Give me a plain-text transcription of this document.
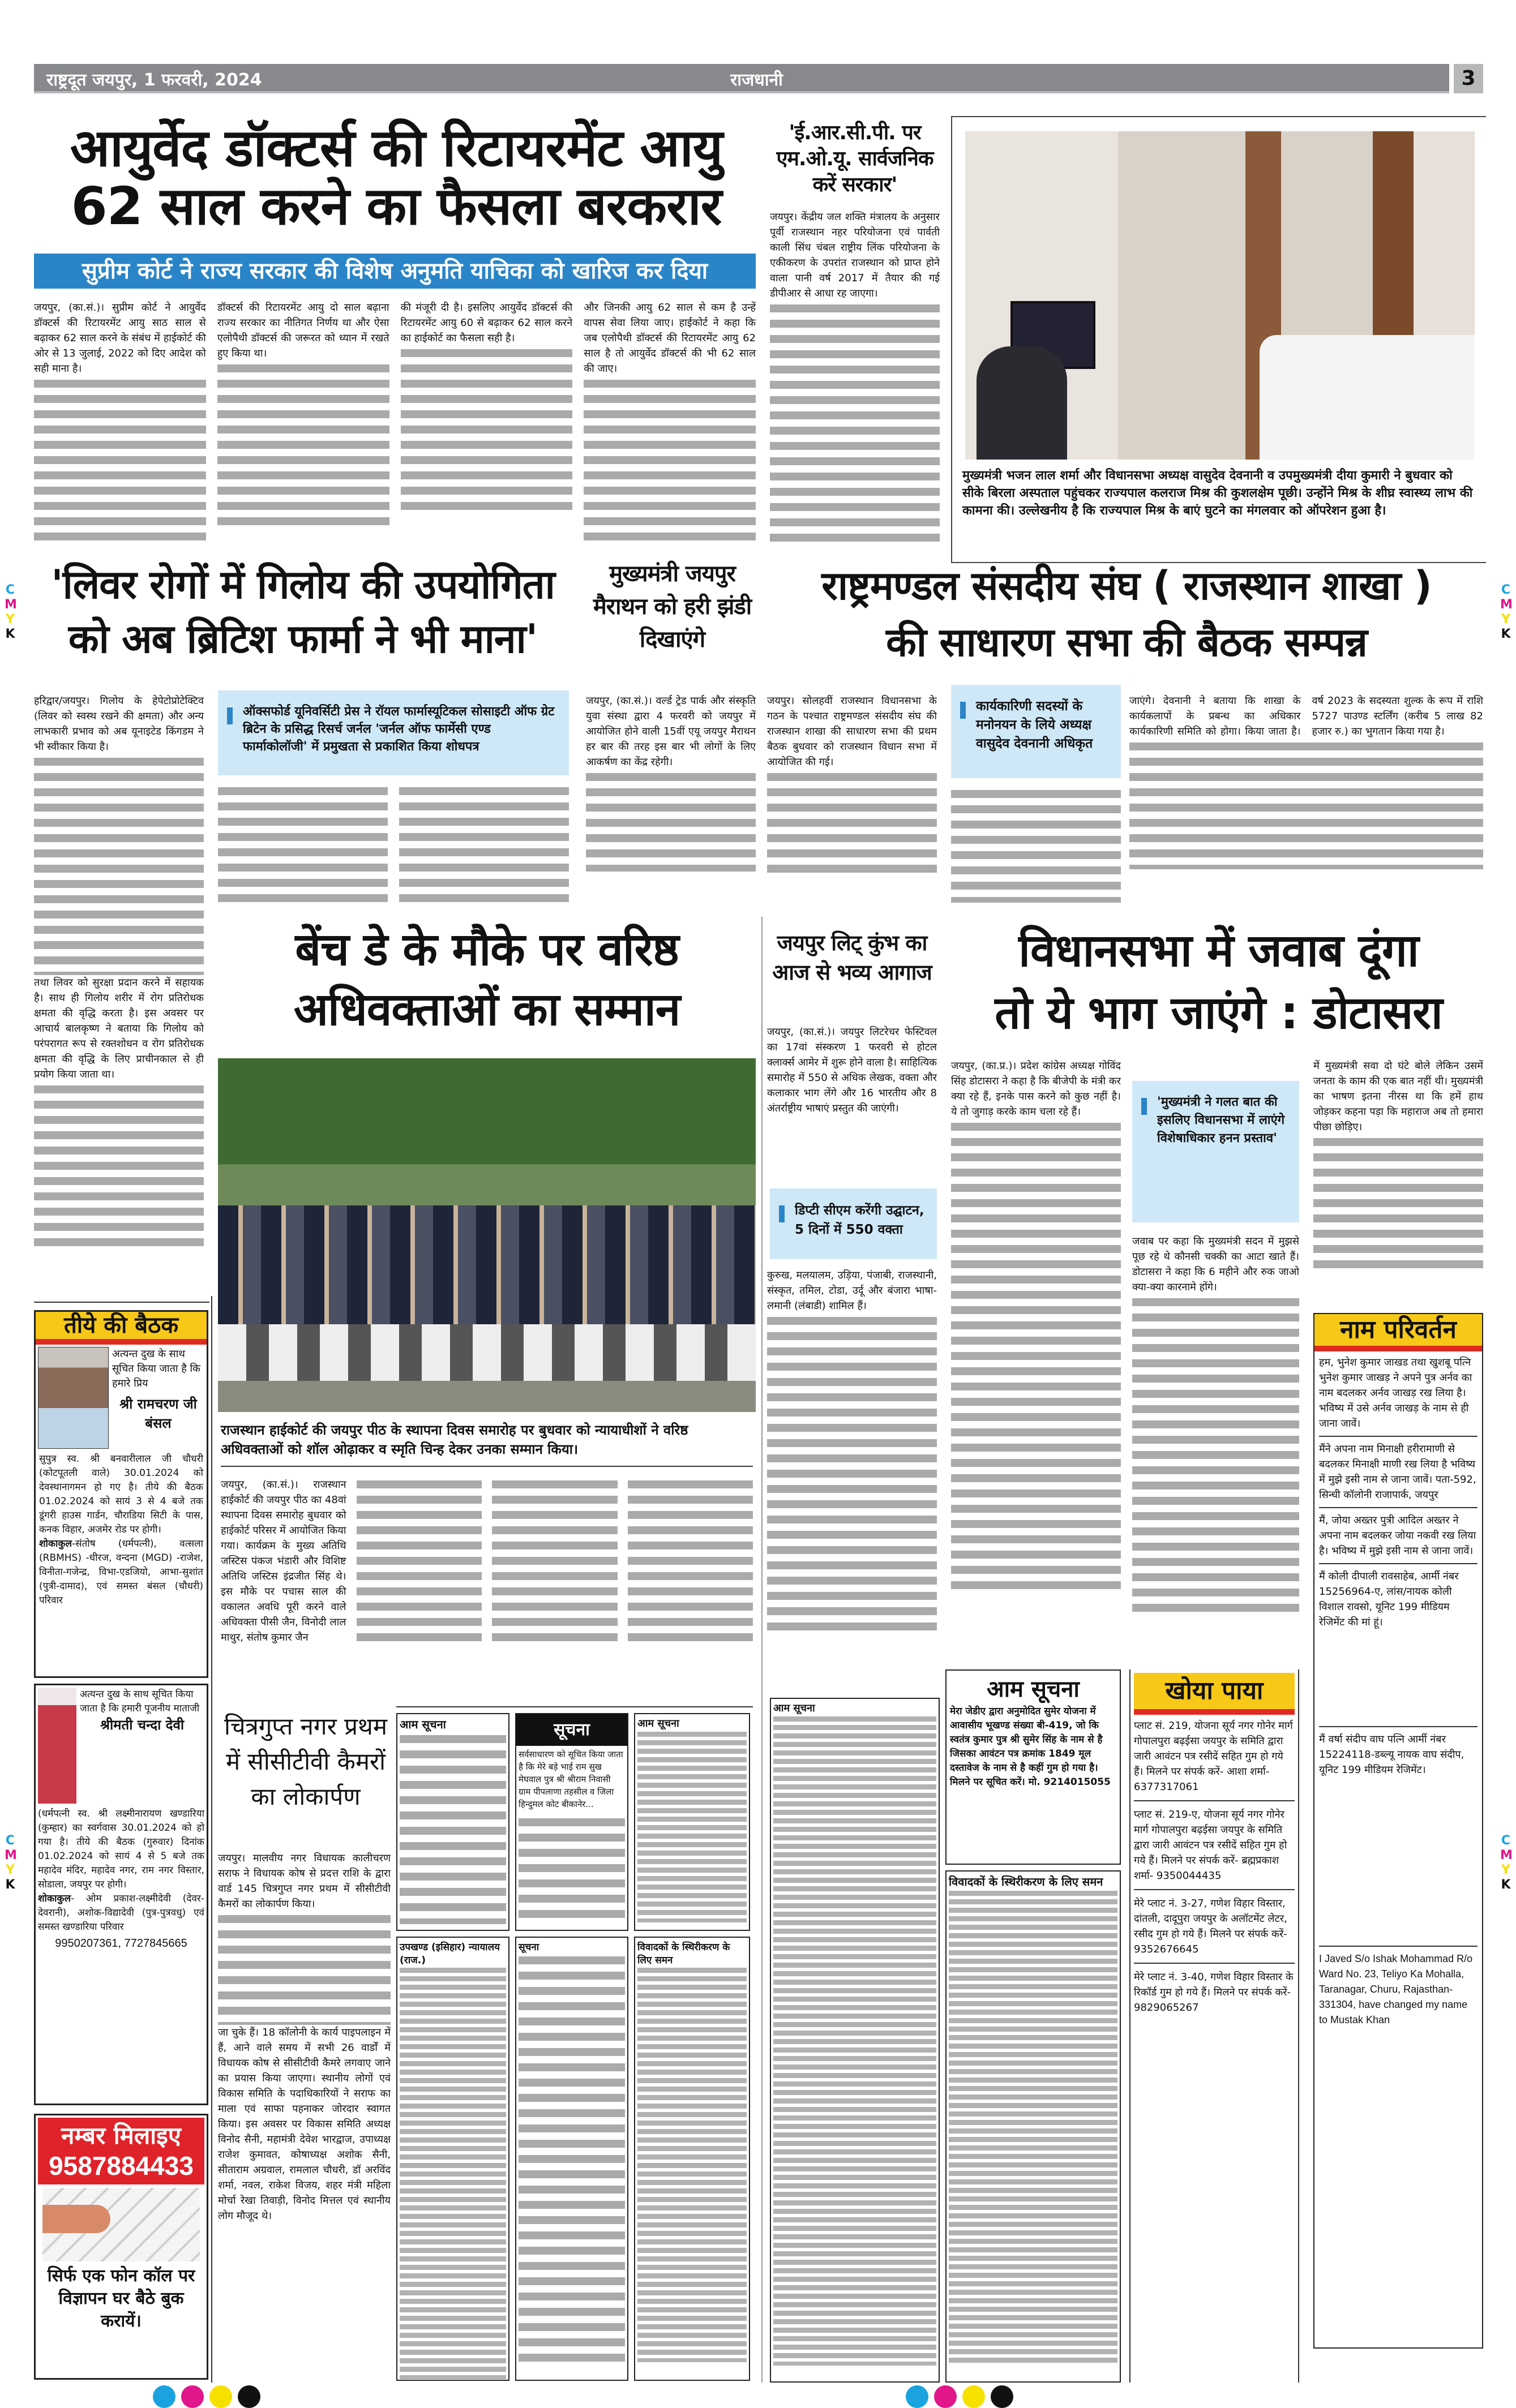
राष्ट्रदूत जयपुर, 1 फरवरी, 2024	राजधानी	3
आयुर्वेद डॉक्टर्स की रिटायरमेंट आयु
62 साल करने का फैसला बरकरार
सुप्रीम कोर्ट ने राज्य सरकार की विशेष अनुमति याचिका को खारिज कर दिया

जयपुर, (का.सं.)। सुप्रीम कोर्ट ने आयुर्वेद डॉक्टर्स की रिटायरमेंट आयु साठ साल से बढ़ाकर 62 साल करने के संबंध में हाईकोर्ट की ओर से 13 जुलाई, 2022 को दिए आदेश को सही माना है।

डॉक्टर्स की रिटायरमेंट आयु दो साल बढ़ाना राज्य सरकार का नीतिगत निर्णय था और ऐसा एलोपैथी डॉक्टर्स की जरूरत को ध्यान में रखते हुए किया था।

की मंजूरी दी है। इसलिए आयुर्वेद डॉक्टर्स की रिटायरमेंट आयु 60 से बढ़ाकर 62 साल करने का हाईकोर्ट का फैसला सही है।

और जिनकी आयु 62 साल से कम है उन्हें वापस सेवा लिया जाए। हाईकोर्ट ने कहा कि जब एलोपैथी डॉक्टर्स की रिटायरमेंट आयु 62 साल है तो आयुर्वेद डॉक्टर्स की भी 62 साल की जाए।

'ई.आर.सी.पी. पर एम.ओ.यू. सार्वजनिक करें सरकार'

जयपुर। केंद्रीय जल शक्ति मंत्रालय के अनुसार पूर्वी राजस्थान नहर परियोजना एवं पार्वती काली सिंध चंबल राष्ट्रीय लिंक परियोजना के एकीकरण के उपरांत राजस्थान को प्राप्त होने वाला पानी वर्ष 2017 में तैयार की गई डीपीआर से आधा रह जाएगा।

मुख्यमंत्री भजन लाल शर्मा और विधानसभा अध्यक्ष वासुदेव देवनानी व उपमुख्यमंत्री दीया कुमारी ने बुधवार को सीके बिरला अस्पताल पहुंचकर राज्यपाल कलराज मिश्र की कुशलक्षेम पूछी। उन्होंने मिश्र के शीघ्र स्वास्थ्य लाभ की कामना की। उल्लेखनीय है कि राज्यपाल मिश्र के बाएं घुटने का मंगलवार को ऑपरेशन हुआ है।
'लिवर रोगों में गिलोय की उपयोगिता
को अब ब्रिटिश फार्मा ने भी माना'

हरिद्वार/जयपुर। गिलोय के हेपेटोप्रोटेक्टिव (लिवर को स्वस्थ रखने की क्षमता) और अन्य लाभकारी प्रभाव को अब यूनाइटेड किंगडम ने भी स्वीकार किया है।

तथा लिवर को सुरक्षा प्रदान करने में सहायक है। साथ ही गिलोय शरीर में रोग प्रतिरोधक क्षमता की वृद्धि करता है। इस अवसर पर आचार्य बालकृष्ण ने बताया कि गिलोय को परंपरागत रूप से रक्तशोधन व रोग प्रतिरोधक क्षमता की वृद्धि के लिए प्राचीनकाल से ही प्रयोग किया जाता था।

ऑक्सफोर्ड यूनिवर्सिटी प्रेस ने रॉयल फार्मास्यूटिकल सोसाइटी ऑफ ग्रेट ब्रिटेन के प्रसिद्ध रिसर्च जर्नल 'जर्नल ऑफ फार्मेसी एण्ड फार्माकोलॉजी' में प्रमुखता से प्रकाशित किया शोधपत्र
मुख्यमंत्री जयपुर मैराथन को हरी झंडी दिखाएंगे

जयपुर, (का.सं.)। वर्ल्ड ट्रेड पार्क और संस्कृति युवा संस्था द्वारा 4 फरवरी को जयपुर में आयोजित होने वाली 15वीं एयू जयपुर मैराथन हर बार की तरह इस बार भी लोगों के लिए आकर्षण का केंद्र रहेगी।

राष्ट्रमण्डल संसदीय संघ ( राजस्थान शाखा )
की साधारण सभा की बैठक सम्पन्न

जयपुर। सोलहवीं राजस्थान विधानसभा के गठन के पश्चात राष्ट्रमण्डल संसदीय संघ की राजस्थान शाखा की साधारण सभा की प्रथम बैठक बुधवार को राजस्थान विधान सभा में आयोजित की गई।

कार्यकारिणी सदस्यों के मनोनयन के लिये अध्यक्ष वासुदेव देवनानी अधिकृत

जाएंगे। देवनानी ने बताया कि शाखा के कार्यकलापों के प्रबन्ध का अधिकार कार्यकारिणी समिति को होगा। किया जाता है। वर्ष 2023 के सदस्यता शुल्क के रूप में राशि 5727 पाउण्ड स्टर्लिंग (करीब 5 लाख 82 हजार रु.) का भुगतान किया गया है।

बेंच डे के मौके पर वरिष्ठ
अधिवक्ताओं का सम्मान
राजस्थान हाईकोर्ट की जयपुर पीठ के स्थापना दिवस समारोह पर बुधवार को न्यायाधीशों ने वरिष्ठ अधिवक्ताओं को शॉल ओढ़ाकर व स्मृति चिन्ह देकर उनका सम्मान किया।

जयपुर, (का.सं.)। राजस्थान हाईकोर्ट की जयपुर पीठ का 48वां स्थापना दिवस समारोह बुधवार को हाईकोर्ट परिसर में आयोजित किया गया। कार्यक्रम के मुख्य अतिथि जस्टिस पंकज भंडारी और विशिष्ट अतिथि जस्टिस इंद्रजीत सिंह थे। इस मौके पर पचास साल की वकालत अवधि पूरी करने वाले अधिवक्ता पीसी जैन, विनोदी लाल माथुर, संतोष कुमार जैन

जयपुर लिट् कुंभ का आज से भव्य आगाज

जयपुर, (का.सं.)। जयपुर लिटरेचर फेस्टिवल का 17वां संस्करण 1 फरवरी से होटल क्लार्क्स आमेर में शुरू होने वाला है। साहित्यिक समारोह में 550 से अधिक लेखक, वक्ता और कलाकार भाग लेंगे और 16 भारतीय और 8 अंतर्राष्ट्रीय भाषाएं प्रस्तुत की जाएंगी।

डिप्टी सीएम करेंगी उद्घाटन, 5 दिनों में 550 वक्ता

कुरुख, मलयालम, उड़िया, पंजाबी, राजस्थानी, संस्कृत, तमिल, टोडा, उर्दू और बंजारा भाषा-लमानी (लंबाडी) शामिल हैं।

विधानसभा में जवाब दूंगा
तो ये भाग जाएंगे : डोटासरा

जयपुर, (का.प्र.)। प्रदेश कांग्रेस अध्यक्ष गोविंद सिंह डोटासरा ने कहा है कि बीजेपी के मंत्री कर क्या रहे हैं, इनके पास करने को कुछ नहीं है। ये तो जुगाड़ करके काम चला रहे हैं।

'मुख्यमंत्री ने गलत बात की इसलिए विधानसभा में लाएंगे विशेषाधिकार हनन प्रस्ताव'

जवाब पर कहा कि मुख्यमंत्री सदन में मुझसे पूछ रहे थे कौनसी चक्की का आटा खाते हैं। डोटासरा ने कहा कि 6 महीने और रुक जाओ क्या-क्या कारनामे होंगे।

में मुख्यमंत्री सवा दो घंटे बोले लेकिन उसमें जनता के काम की एक बात नहीं थी। मुख्यमंत्री का भाषण इतना नीरस था कि हमें हाथ जोड़कर कहना पड़ा कि महाराज अब तो हमारा पीछा छोड़िए।

नाम परिवर्तन

हम, भुनेश कुमार जाखड तथा खुशबू पत्नि भुनेश कुमार जाखड़ ने अपने पुत्र अर्नव का नाम बदलकर अर्नव जाखड़ रख लिया है। भविष्य में उसे अर्नव जाखड़ के नाम से ही जाना जावें।

मैंने अपना नाम मिनाक्षी हरीरामाणी से बदलकर मिनाक्षी माणी रख लिया है भविष्य में मुझे इसी नाम से जाना जावें। पता-592, सिन्धी कॉलोनी राजापार्क, जयपुर

मैं, जोया अख्तर पुत्री आदिल अख्तर ने अपना नाम बदलकर जोया नकवी रख लिया है। भविष्य में मुझे इसी नाम से जाना जावें।

मैं कोली दीपाली रावसाहेब, आर्मी नंबर 15256964-ए, लांस/नायक कोली विशाल रावसो, यूनिट 199 मीडियम रेजिमेंट की मां हूं।

मैं वर्षा संदीप वाघ पत्नि आर्मी नंबर 15224118-डब्ल्यू नायक वाघ संदीप, यूनिट 199 मीडियम रेजिमेंट।

I Javed S/o Ishak Mohammad R/o Ward No. 23, Teliyo Ka Mohalla, Taranagar, Churu, Rajasthan-331304, have changed my name to Mustak Khan

तीये की बैठक
अत्यन्त दुख के साथ सूचित किया जाता है कि हमारे प्रिय
श्री रामचरण जी बंसल

सुपुत्र स्व. श्री बनवारीलाल जी चौधरी (कोटपूतली वाले) 30.01.2024 को देवस्थानागमन हो गए है। तीये की बैठक 01.02.2024 को सायं 3 से 4 बजे तक डूंगरी हाउस गार्डन, चौराडिया सिटी के पास, कनक विहार, अजमेर रोड पर होगी।

शोकाकुल-संतोष (धर्मपत्नी), वत्सला (RBMHS) -धीरज, वन्दना (MGD) -राजेश, विनीता-गजेन्द्र, विभा-एडजियो, आभा-सुशांत (पुत्री-दामाद), एवं समस्त बंसल (चौधरी) परिवार

अत्यन्त दुख के साथ सूचित किया जाता है कि हमारी पूजनीय माताजी
श्रीमती चन्दा देवी

(धर्मपत्नी स्व. श्री लक्ष्मीनारायण खण्डारिया (कुम्हार) का स्वर्गवास 30.01.2024 को हो गया है। तीये की बैठक (गुरुवार) दिनांक 01.02.2024 को सायं 4 से 5 बजे तक महादेव मंदिर, महादेव नगर, राम नगर विस्तार, सोडाला, जयपुर पर होगी।

शोकाकुल- ओम प्रकाश-लक्ष्मीदेवी (देवर-देवरानी), अशोक-विद्यादेवी (पुत्र-पुत्रवधु) एवं समस्त खण्डारिया परिवार

9950207361, 7727845665

नम्बर मिलाइए
9587884433
सिर्फ एक फोन कॉल पर विज्ञापन घर बैठे बुक करायें।
चित्रगुप्त नगर प्रथम में सीसीटीवी कैमरों का लोकार्पण

जयपुर। मालवीय नगर विधायक कालीचरण सराफ ने विधायक कोष से प्रदत्त राशि के द्वारा वार्ड 145 चित्रगुप्त नगर प्रथम में सीसीटीवी कैमरों का लोकार्पण किया।

जा चुके हैं। 18 कॉलोनी के कार्य पाइपलाइन में हैं, आने वाले समय में सभी 26 वार्डों में विधायक कोष से सीसीटीवी कैमरे लगवाए जाने का प्रयास किया जाएगा। स्थानीय लोगों एवं विकास समिति के पदाधिकारियों ने सराफ का माला एवं साफा पहनाकर जोरदार स्वागत किया। इस अवसर पर विकास समिति अध्यक्ष विनोद सैनी, महामंत्री देवेश भारद्वाज, उपाध्यक्ष राजेश कुमावत, कोषाध्यक्ष अशोक सैनी, सीताराम अग्रवाल, रामलाल चौधरी, डॉ अरविंद शर्मा, नवल, राकेश विजय, शहर मंत्री महिला मोर्चा रेखा तिवाड़ी, विनोद मित्तल एवं स्थानीय लोग मौजूद थे।

आम सूचना	सूचना

सर्वसाधारण को सूचित किया जाता है कि मेरे बड़े भाई राम सुख मेघवाल पुत्र श्री श्रीराम निवासी ग्राम पीपलाणा तहसील व जिला हिन्दुमल कोट बीकानेर...

आम सूचना
उपखण्ड (इसिहार) न्यायालय (राज.)
सूचना	विवादकों के स्थिरीकरण के लिए समन
आम सूचना
आम सूचना

मेरा जेडीए द्वारा अनुमोदित सुमेर योजना में आवासीय भूखण्ड संख्या बी-419, जो कि स्वतंत्र कुमार पुत्र श्री सुमेर सिंह के नाम से है जिसका आवंटन पत्र क्रमांक 1849 मूल दस्तावेज के नाम से है कहीं गुम हो गया है। मिलने पर सूचित करें। मो. 9214015055

विवादकों के स्थिरीकरण के लिए समन
खोया पाया

प्लाट सं. 219, योजना सूर्य नगर गोनेर मार्ग गोपालपुरा बढ़ईसा जयपुर के समिति द्वारा जारी आवंटन पत्र रसीदें सहित गुम हो गये हैं। मिलने पर संपर्क करें- आशा शर्मा- 6377317061

प्लाट सं. 219-ए, योजना सूर्य नगर गोनेर मार्ग गोपालपुरा बढ़ईसा जयपुर के समिति द्वारा जारी आवंटन पत्र रसीदें सहित गुम हो गये हैं। मिलने पर संपर्क करें- ब्रह्मप्रकाश शर्मा- 9350044435

मेरे प्लाट नं. 3-27, गणेश विहार विस्तार, दांतली, दादूपुरा जयपुर के अलॉटमेंट लेटर, रसीद गुम हो गये हैं। मिलने पर संपर्क करें- 9352676645

मेरे प्लाट नं. 3-40, गणेश विहार विस्तार के रिकॉर्ड गुम हो गये हैं। मिलने पर संपर्क करें- 9829065267

C
M
Y
K
C
M
Y
K
C
M
Y
K
C
M
Y
K
